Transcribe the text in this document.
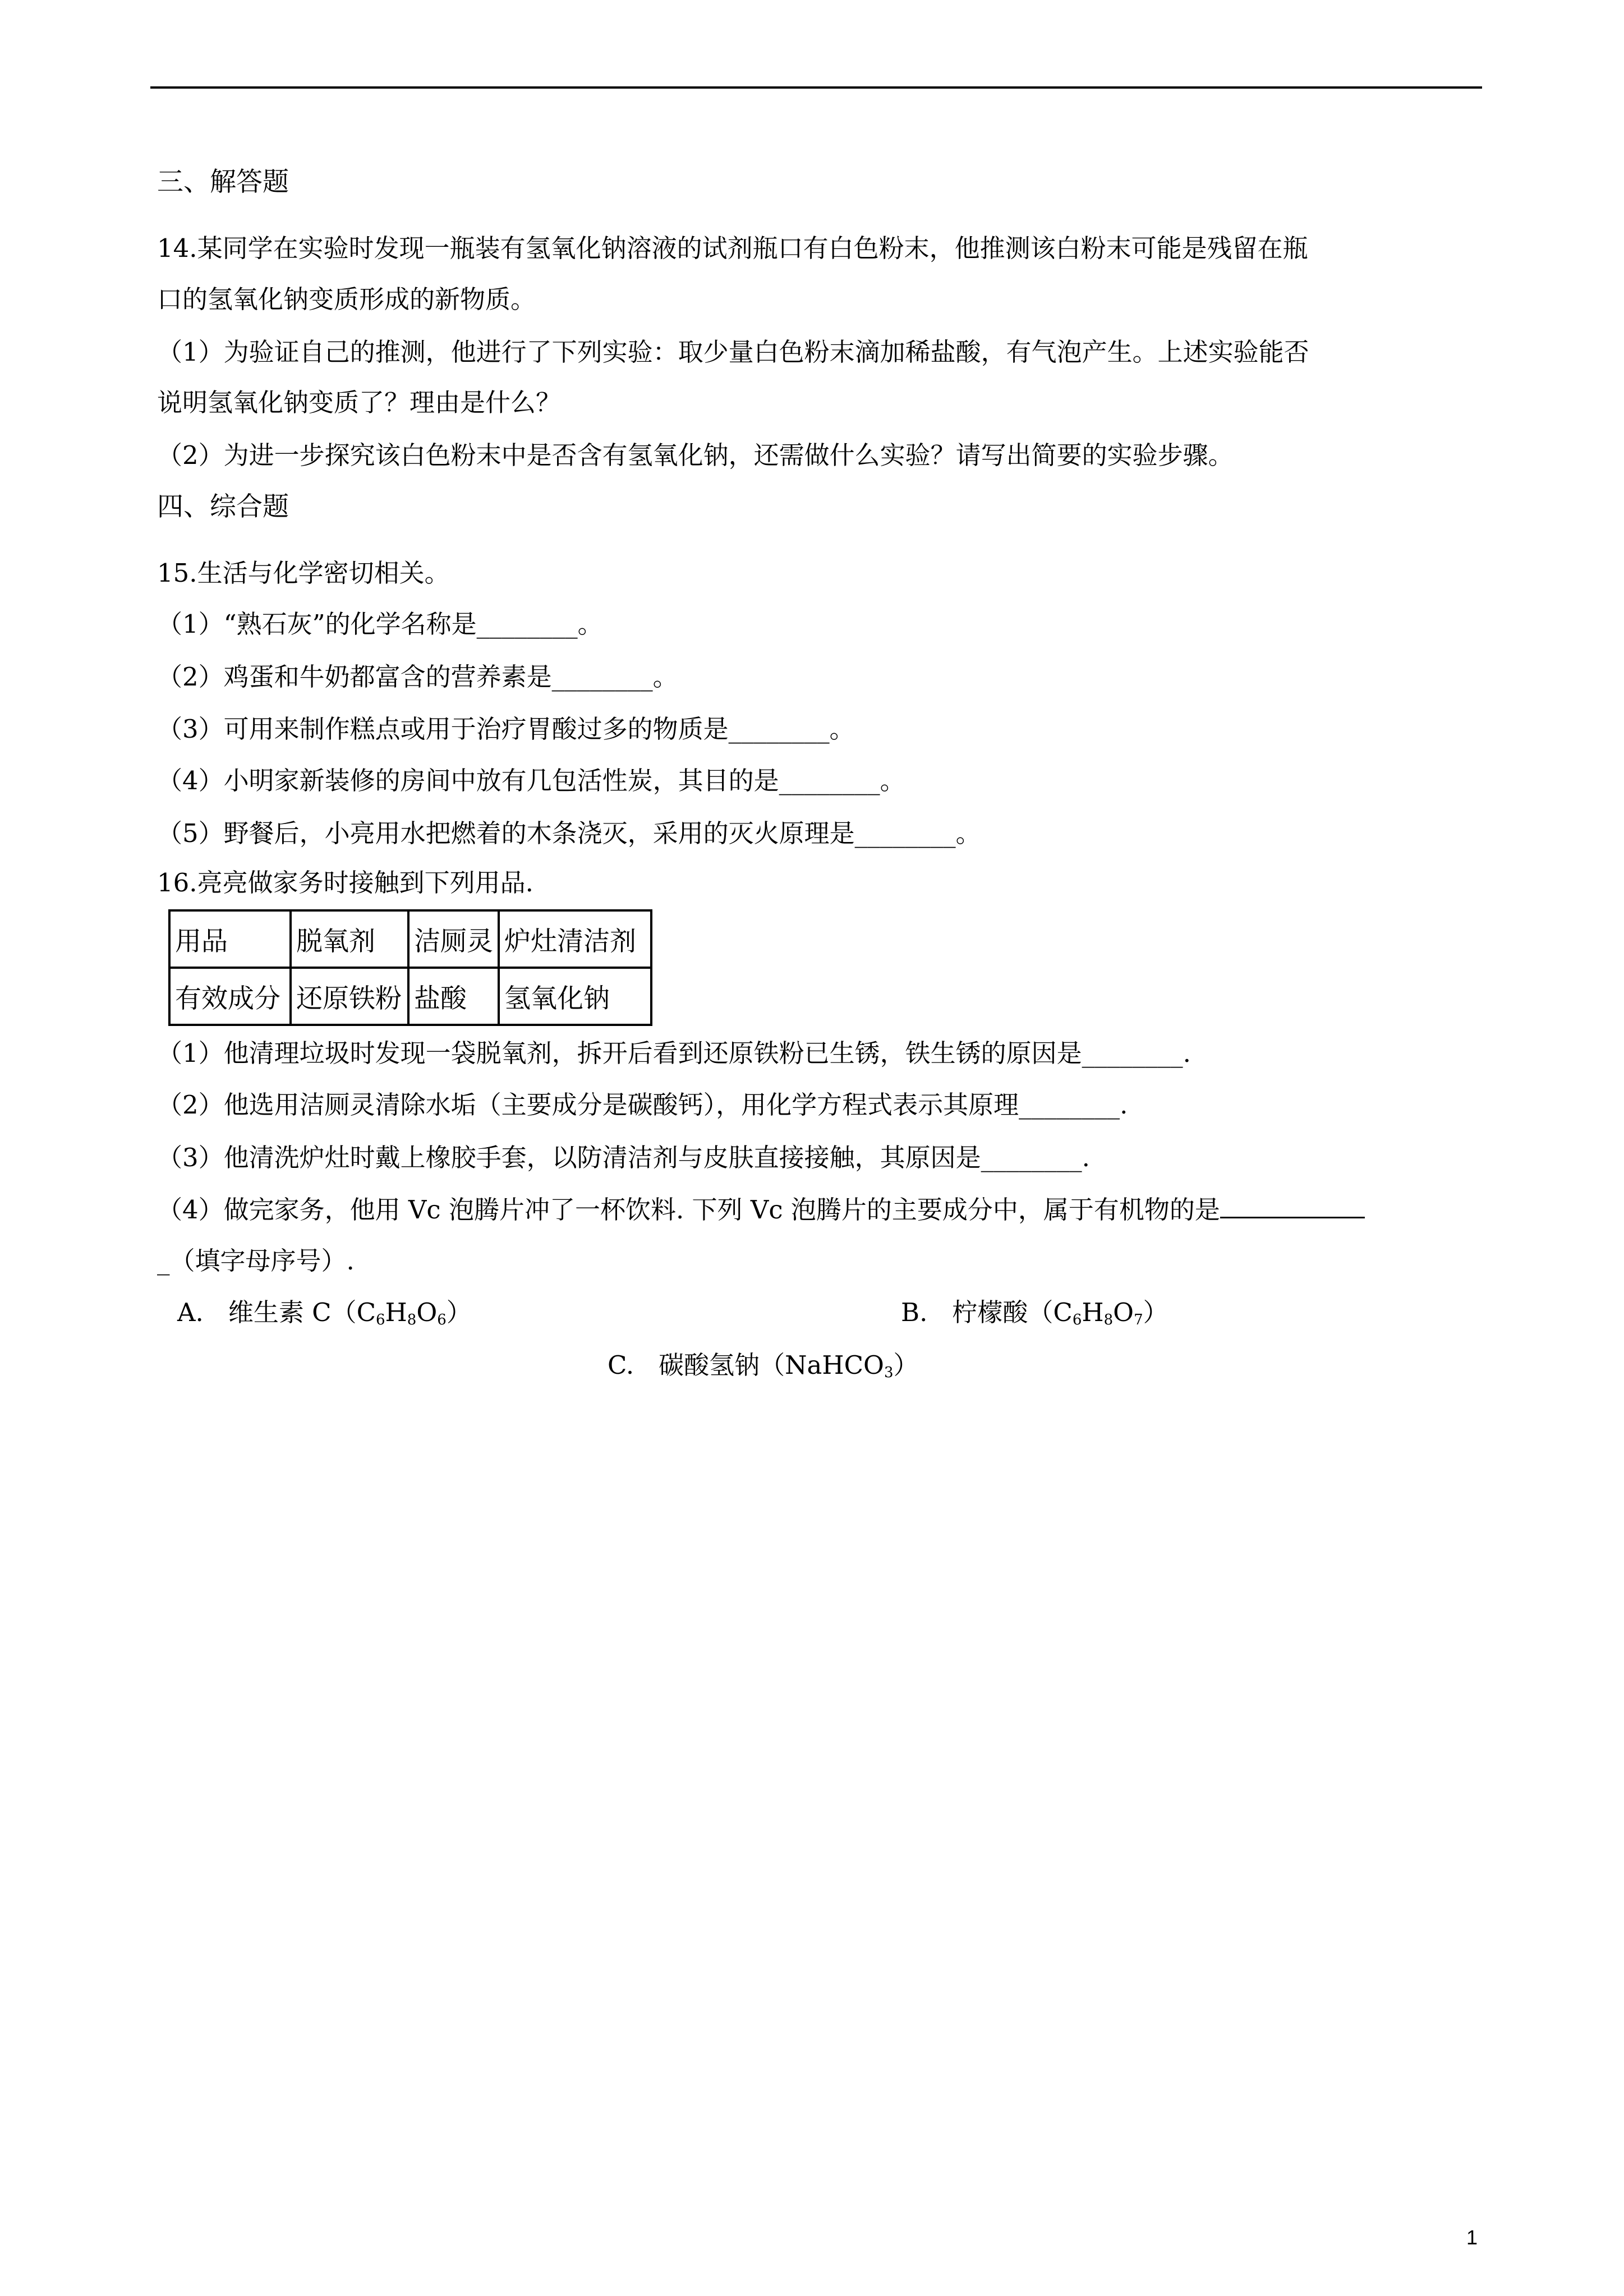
三、解答题
14.某同学在实验时发现一瓶装有氢氧化钠溶液的试剂瓶口有白色粉末，他推测该白粉末可能是残留在瓶
口的氢氧化钠变质形成的新物质。
（1）为验证自己的推测，他进行了下列实验：取少量白色粉末滴加稀盐酸，有气泡产生。上述实验能否
说明氢氧化钠变质了？理由是什么？
（2）为进一步探究该白色粉末中是否含有氢氧化钠，还需做什么实验？请写出简要的实验步骤。
四、综合题
15.生活与化学密切相关。
（1）“熟石灰”的化学名称是________。
（2）鸡蛋和牛奶都富含的营养素是________。
（3）可用来制作糕点或用于治疗胃酸过多的物质是________。
（4）小明家新装修的房间中放有几包活性炭，其目的是________。
（5）野餐后，小亮用水把燃着的木条浇灭，采用的灭火原理是________。
16.亮亮做家务时接触到下列用品.
用品	脱氧剂	洁厕灵	炉灶清洁剂
有效成分	还原铁粉	盐酸	氢氧化钠
（1）他清理垃圾时发现一袋脱氧剂，拆开后看到还原铁粉已生锈，铁生锈的原因是________.
（2）他选用洁厕灵清除水垢（主要成分是碳酸钙），用化学方程式表示其原理________.
（3）他清洗炉灶时戴上橡胶手套，以防清洁剂与皮肤直接接触，其原因是________.
（4）做完家务，他用 Vc 泡腾片冲了一杯饮料. 下列 Vc 泡腾片的主要成分中，属于有机物的是
_（填字母序号）.
A. 维生素 $C(C_6H_8O_6)$	B. 柠檬酸$(C_6H_8O_7)$
C. 碳酸氢钠（NaHCO$_3$）
1
